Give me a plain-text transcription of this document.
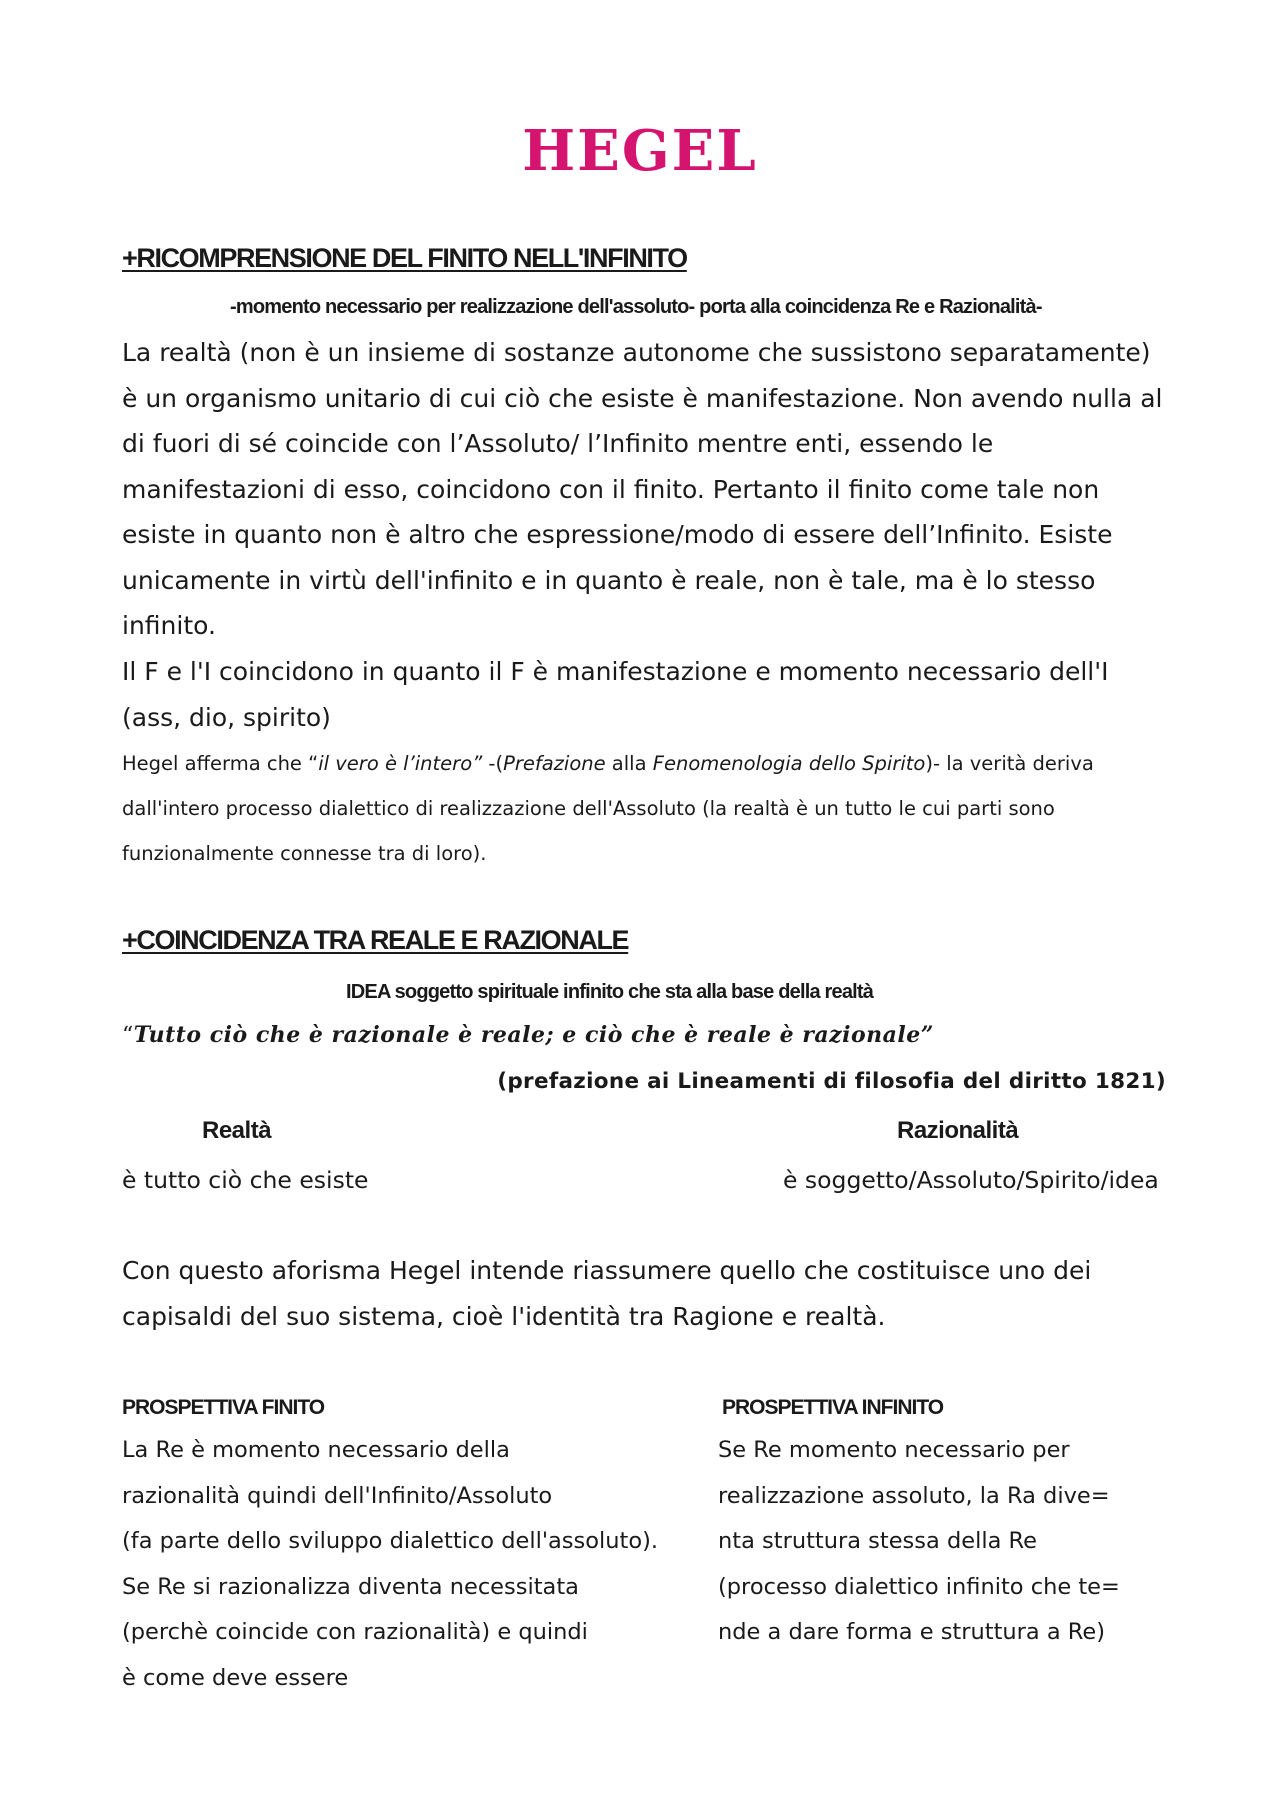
HEGEL
+RICOMPRENSIONE DEL FINITO NELL'INFINITO
-momento necessario per realizzazione dell'assoluto- porta alla coincidenza Re e Razionalità-
La realtà (non è un insieme di sostanze autonome che sussistono separatamente) è un organismo unitario di cui ciò che esiste è manifestazione. Non avendo nulla al di fuori di sé coincide con l’Assoluto/ l’Infinito mentre enti, essendo le manifestazioni di esso, coincidono con il finito. Pertanto il finito come tale non esiste in quanto non è altro che espressione/modo di essere dell’Infinito. Esiste unicamente in virtù dell'infinito e in quanto è reale, non è tale, ma è lo stesso infinito.
Il F e l'I coincidono in quanto il F è manifestazione e momento necessario dell'I (ass, dio, spirito)
Hegel afferma che “il vero è l’intero” -(Prefazione alla Fenomenologia dello Spirito)- la verità deriva dall'intero processo dialettico di realizzazione dell'Assoluto (la realtà è un tutto le cui parti sono funzionalmente connesse tra di loro).
+COINCIDENZA TRA REALE E RAZIONALE
IDEA soggetto spirituale infinito che sta alla base della realtà
“Tutto ciò che è razionale è reale; e ciò che è reale è razionale”
(prefazione ai Lineamenti di filosofia del diritto 1821)
Realtà	Razionalità
è tutto ciò che esiste	è soggetto/Assoluto/Spirito/idea
Con questo aforisma Hegel intende riassumere quello che costituisce uno dei capisaldi del suo sistema, cioè l'identità tra Ragione e realtà.
PROSPETTIVA FINITO	PROSPETTIVA INFINITO
La Re è momento necessario della
razionalità quindi dell'Infinito/Assoluto
(fa parte dello sviluppo dialettico dell'assoluto).
Se Re si razionalizza diventa necessitata
(perchè coincide con razionalità) e quindi
è come deve essere
Se Re momento necessario per
realizzazione assoluto, la Ra dive=
nta struttura stessa della Re
(processo dialettico infinito che te=
nde a dare forma e struttura a Re)
